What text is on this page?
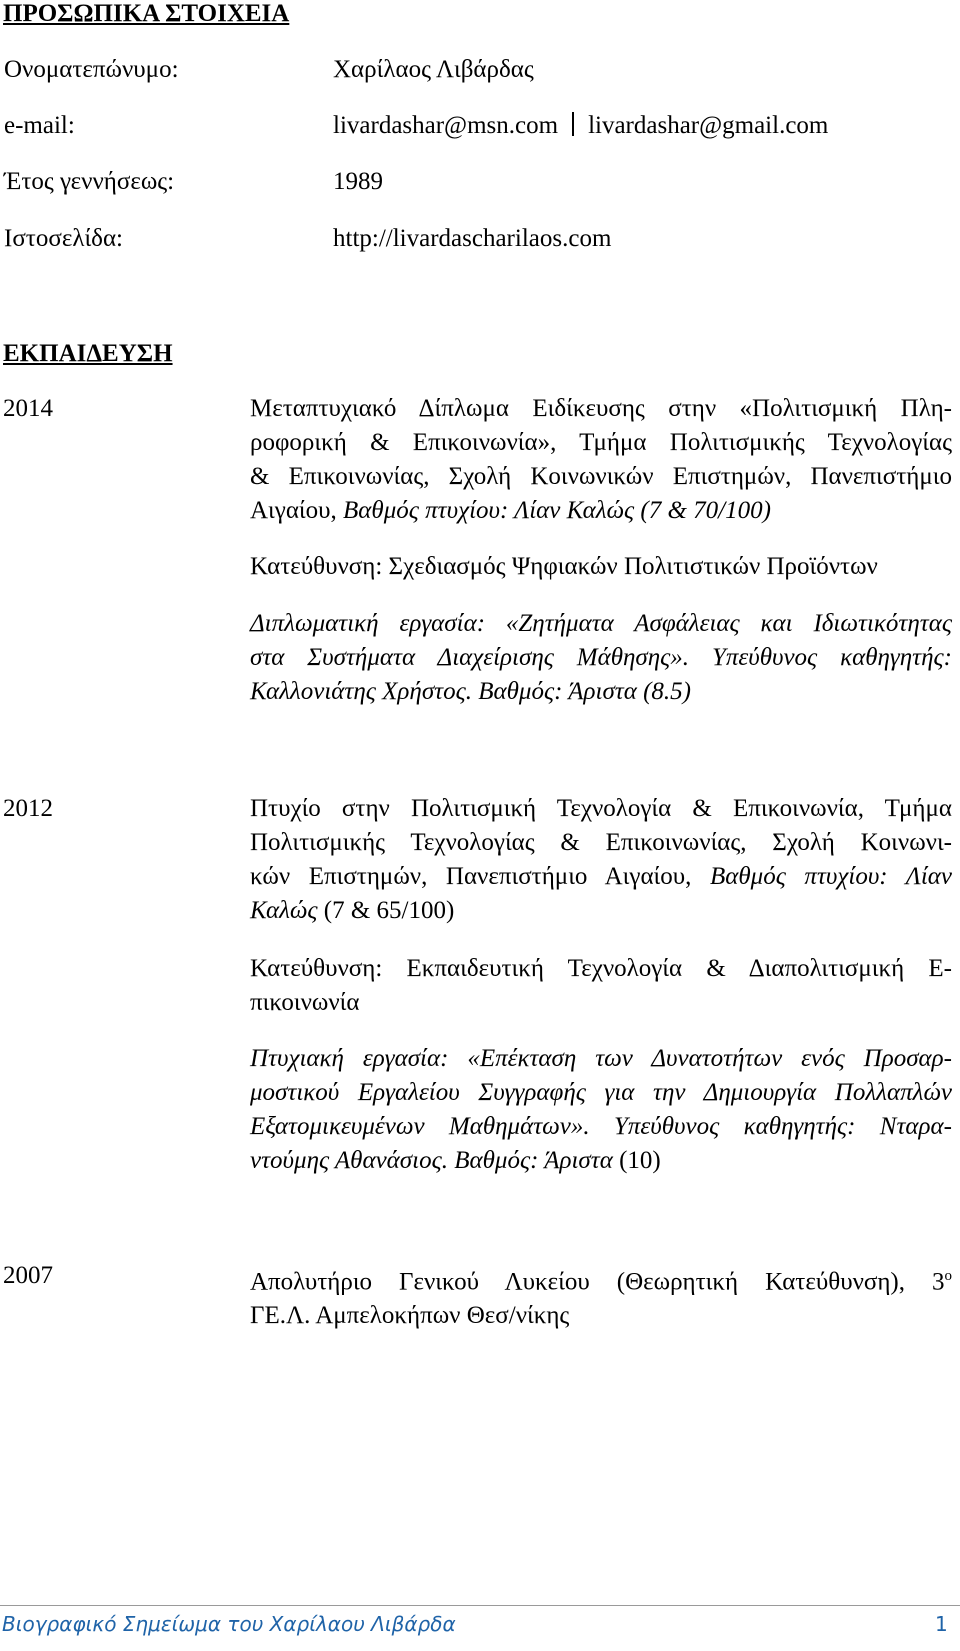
ΠΡΟΣΩΠΙΚΑ ΣΤΟΙΧΕΙΑ
Ονοματεπώνυμο:	Χαρίλαος Λιβάρδας
e-mail:	livardashar@msn.com livardashar@gmail.com
Έτος γεννήσεως:	1989
Ιστοσελίδα:	http://livardascharilaos.com
ΕΚΠΑΙΔΕΥΣΗ
2014	Μεταπτυχιακό Δίπλωμα Ειδίκευσης στην «Πολιτισμική Πλη-
ροφορική & Επικοινωνία», Τμήμα Πολιτισμικής Τεχνολογίας
& Επικοινωνίας, Σχολή Κοινωνικών Επιστημών, Πανεπιστήμιο
Αιγαίου, Βαθμός πτυχίου: Λίαν Καλώς (7 & 70/100)
Κατεύθυνση: Σχεδιασμός Ψηφιακών Πολιτιστικών Προϊόντων
Διπλωματική εργασία: «Ζητήματα Ασφάλειας και Ιδιωτικότητας
στα Συστήματα Διαχείρισης Μάθησης». Υπεύθυνος καθηγητής:
Καλλονιάτης Χρήστος. Βαθμός: Άριστα (8.5)
2012	Πτυχίο στην Πολιτισμική Τεχνολογία & Επικοινωνία, Τμήμα
Πολιτισμικής Τεχνολογίας & Επικοινωνίας, Σχολή Κοινωνι-
κών Επιστημών, Πανεπιστήμιο Αιγαίου, Βαθμός πτυχίου: Λίαν
Καλώς (7 & 65/100)
Κατεύθυνση: Εκπαιδευτική Τεχνολογία & Διαπολιτισμική Ε-
πικοινωνία
Πτυχιακή εργασία: «Επέκταση των Δυνατοτήτων ενός Προσαρ-
μοστικού Εργαλείου Συγγραφής για την Δημιουργία Πολλαπλών
Εξατομικευμένων Μαθημάτων». Υπεύθυνος καθηγητής: Νταρα-
ντούμης Αθανάσιος. Βαθμός: Άριστα (10)
2007	Απολυτήριο Γενικού Λυκείου (Θεωρητική Κατεύθυνση), $3^o$
ΓΕ.Λ. Αμπελοκήπων Θεσ/νίκης
Βιογραφικό Σημείωμα του Χαρίλαου Λιβάρδα	1
